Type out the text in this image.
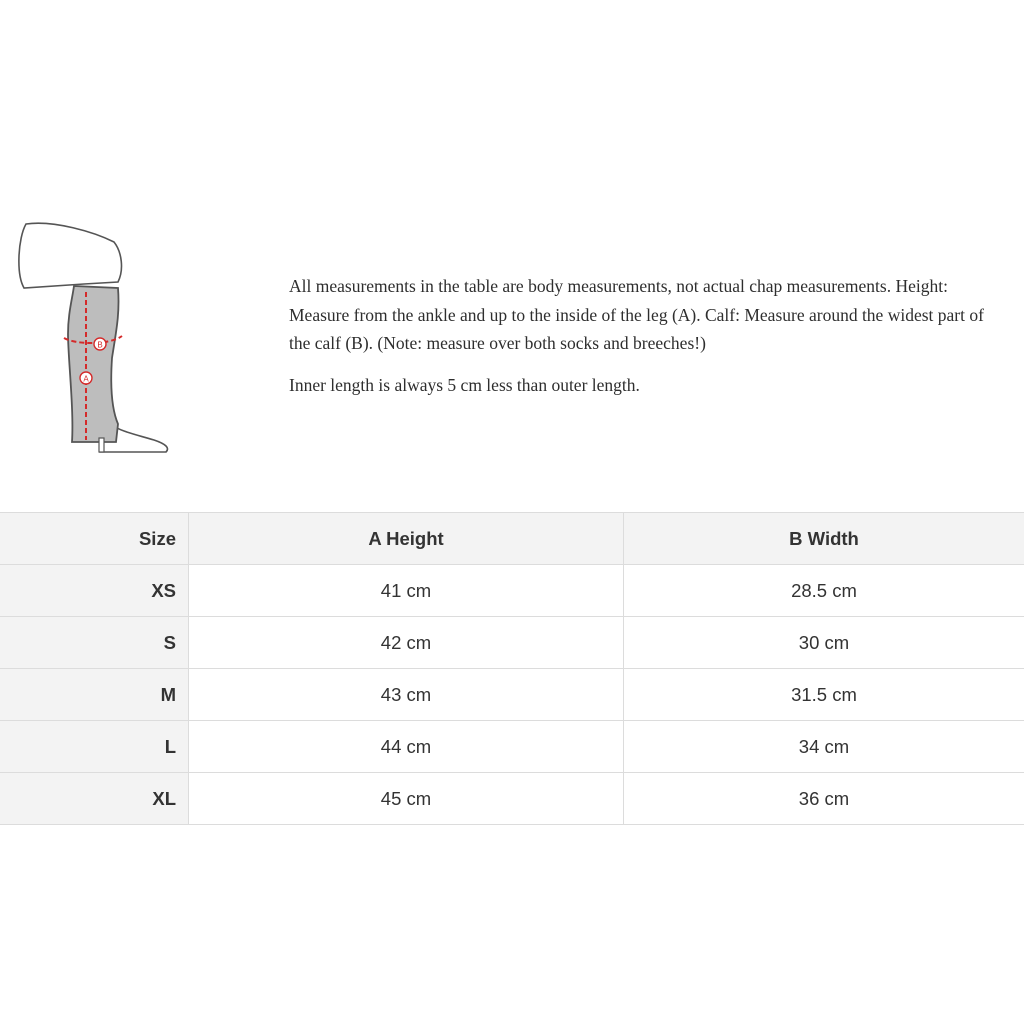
B
A

All measurements in the table are body measurements, not actual chap measurements. Height: Measure from the ankle and up to the inside of the leg (A). Calf: Measure around the widest part of the calf (B). (Note: measure over both socks and breeches!)

Inner length is always 5 cm less than outer length.

Size	A Height	B Width
XS	41 cm	28.5 cm
S	42 cm	30 cm
M	43 cm	31.5 cm
L	44 cm	34 cm
XL	45 cm	36 cm
